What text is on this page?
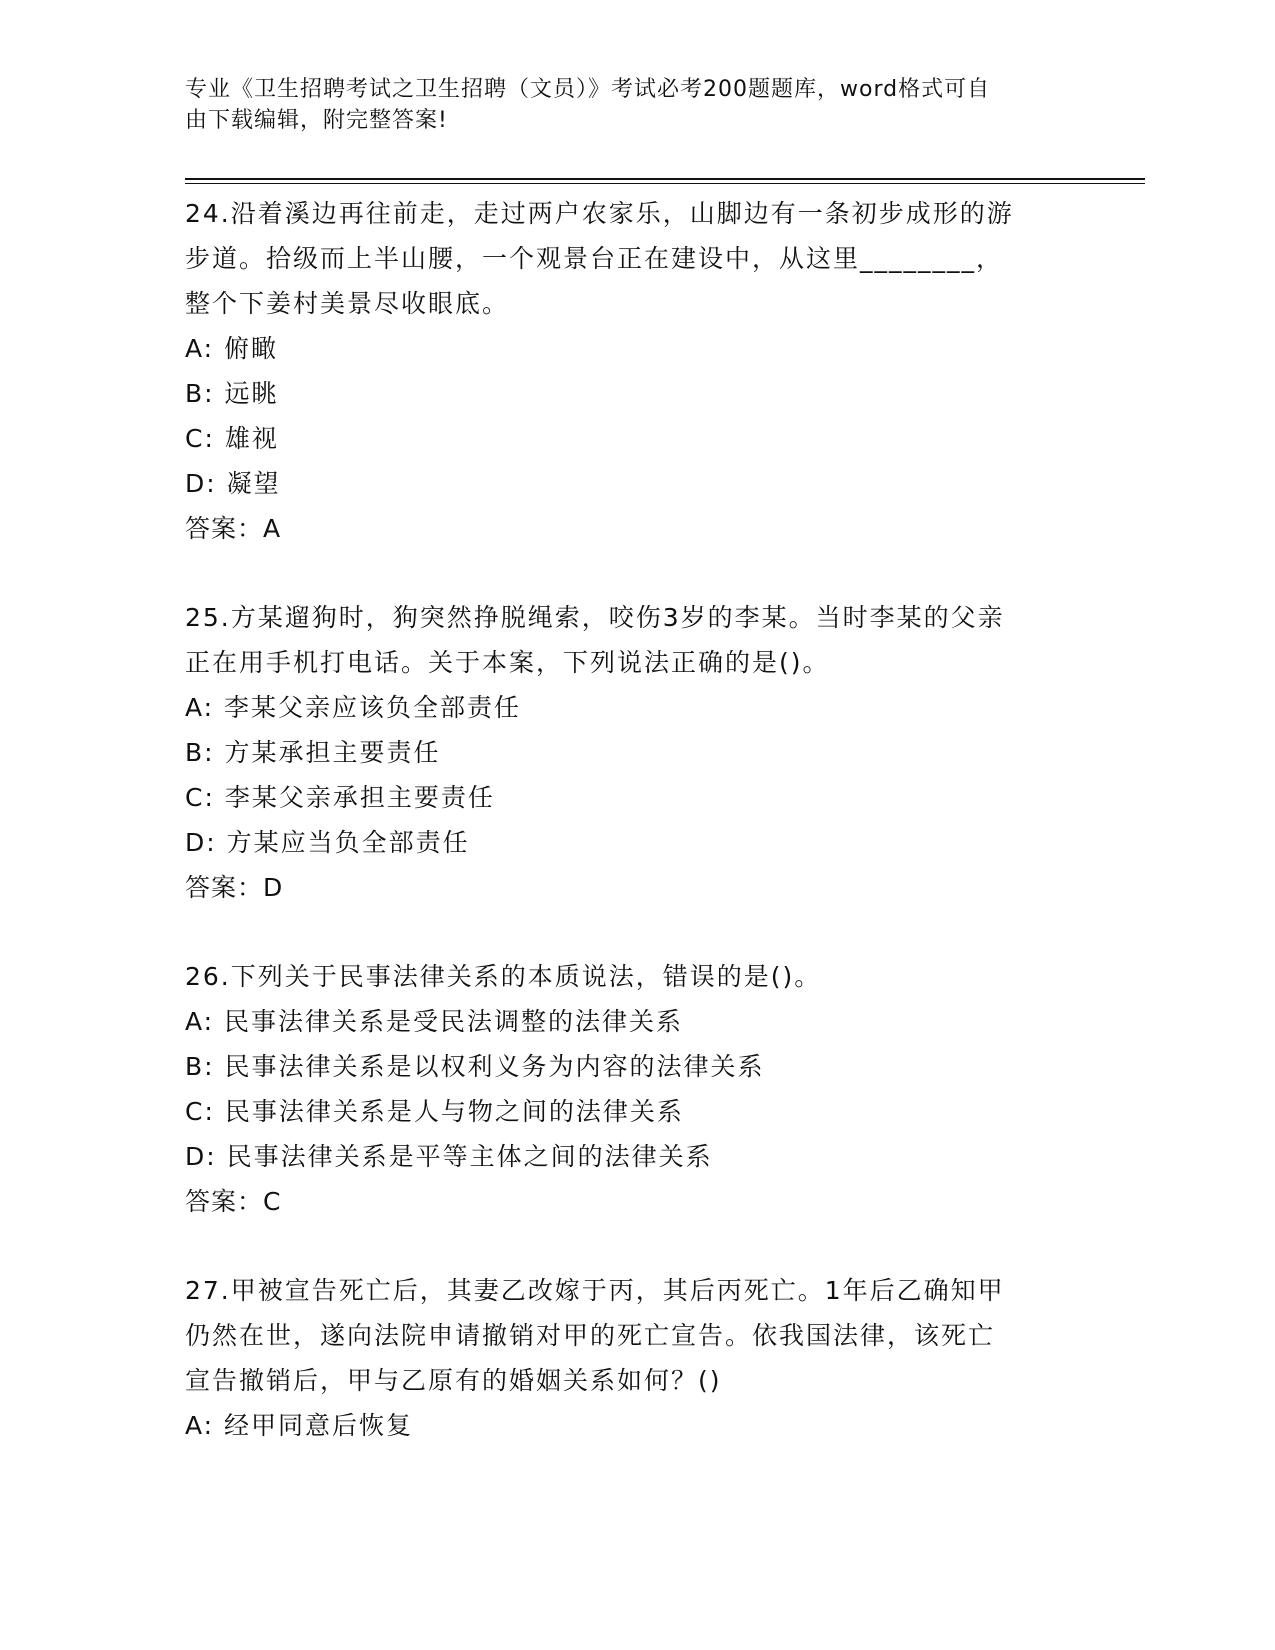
专业《卫生招聘考试之卫生招聘（文员）》考试必考200题题库，word格式可自
由下载编辑，附完整答案!
24.沿着溪边再往前走，走过两户农家乐，山脚边有一条初步成形的游
步道。拾级而上半山腰，一个观景台正在建设中，从这里________，
整个下姜村美景尽收眼底。
A: 俯瞰
B: 远眺
C: 雄视
D: 凝望
答案：A
25.方某遛狗时，狗突然挣脱绳索，咬伤3岁的李某。当时李某的父亲
正在用手机打电话。关于本案，下列说法正确的是()。
A: 李某父亲应该负全部责任
B: 方某承担主要责任
C: 李某父亲承担主要责任
D: 方某应当负全部责任
答案：D
26.下列关于民事法律关系的本质说法，错误的是()。
A: 民事法律关系是受民法调整的法律关系
B: 民事法律关系是以权利义务为内容的法律关系
C: 民事法律关系是人与物之间的法律关系
D: 民事法律关系是平等主体之间的法律关系
答案：C
27.甲被宣告死亡后，其妻乙改嫁于丙，其后丙死亡。1年后乙确知甲
仍然在世，遂向法院申请撤销对甲的死亡宣告。依我国法律，该死亡
宣告撤销后，甲与乙原有的婚姻关系如何？()
A: 经甲同意后恢复
